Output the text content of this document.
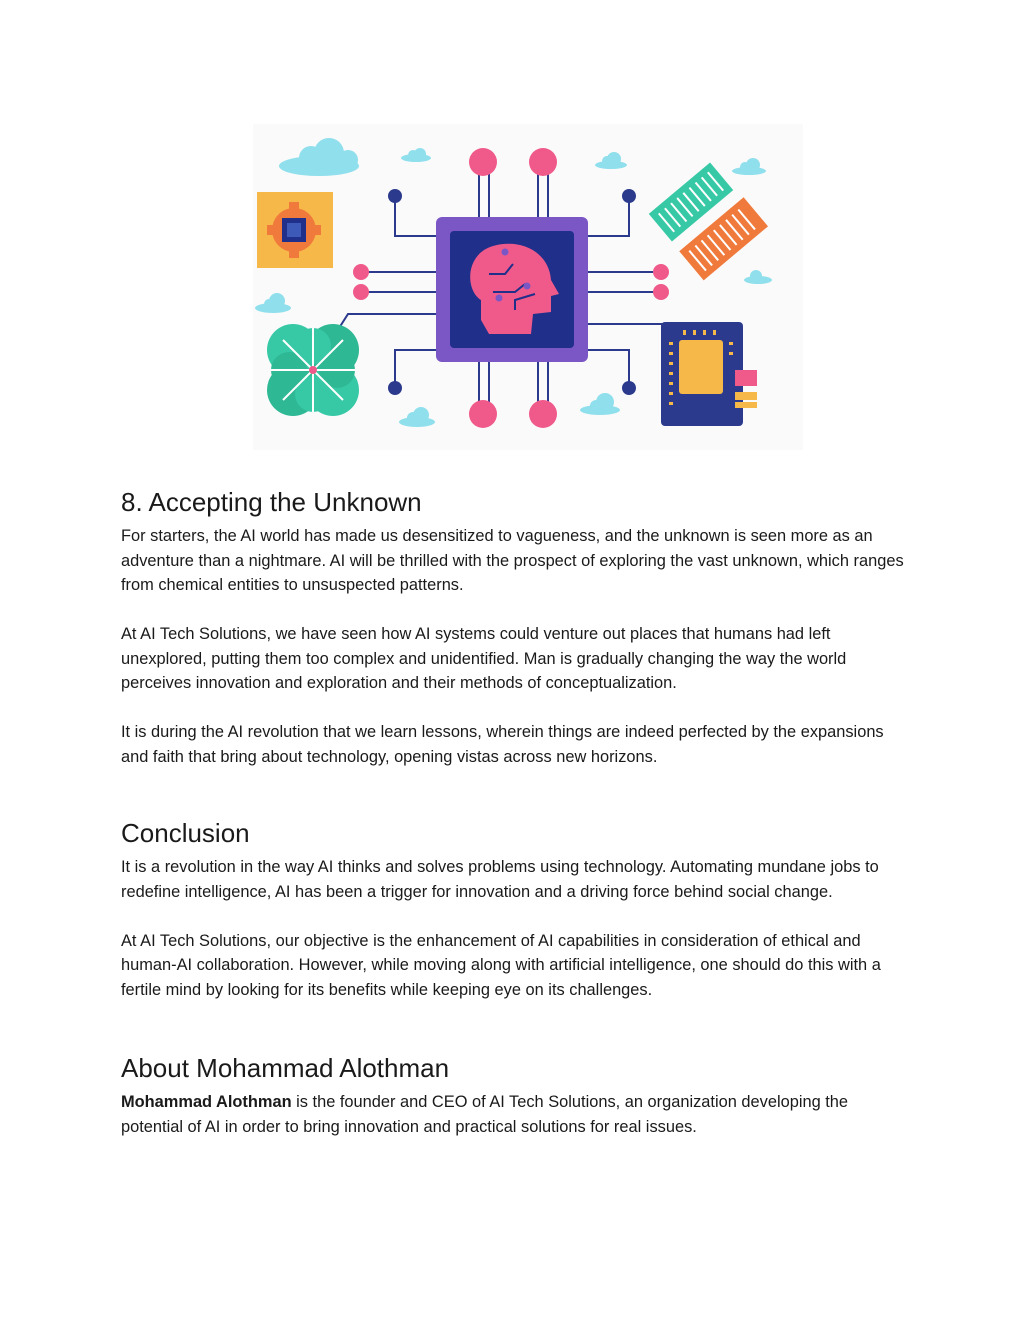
8. Accepting the Unknown

For starters, the AI world has made us desensitized to vagueness, and the unknown is seen more as an adventure than a nightmare. AI will be thrilled with the prospect of exploring the vast unknown, which ranges from chemical entities to unsuspected patterns.

At AI Tech Solutions, we have seen how AI systems could venture out places that humans had left unexplored, putting them too complex and unidentified. Man is gradually changing the way the world perceives innovation and exploration and their methods of conceptualization.

It is during the AI revolution that we learn lessons, wherein things are indeed perfected by the expansions and faith that bring about technology, opening vistas across new horizons.

Conclusion

It is a revolution in the way AI thinks and solves problems using technology. Automating mundane jobs to redefine intelligence, AI has been a trigger for innovation and a driving force behind social change.

At AI Tech Solutions, our objective is the enhancement of AI capabilities in consideration of ethical and human-AI collaboration. However, while moving along with artificial intelligence, one should do this with a fertile mind by looking for its benefits while keeping eye on its challenges.

About Mohammad Alothman

Mohammad Alothman is the founder and CEO of AI Tech Solutions, an organization developing the potential of AI in order to bring innovation and practical solutions for real issues.
